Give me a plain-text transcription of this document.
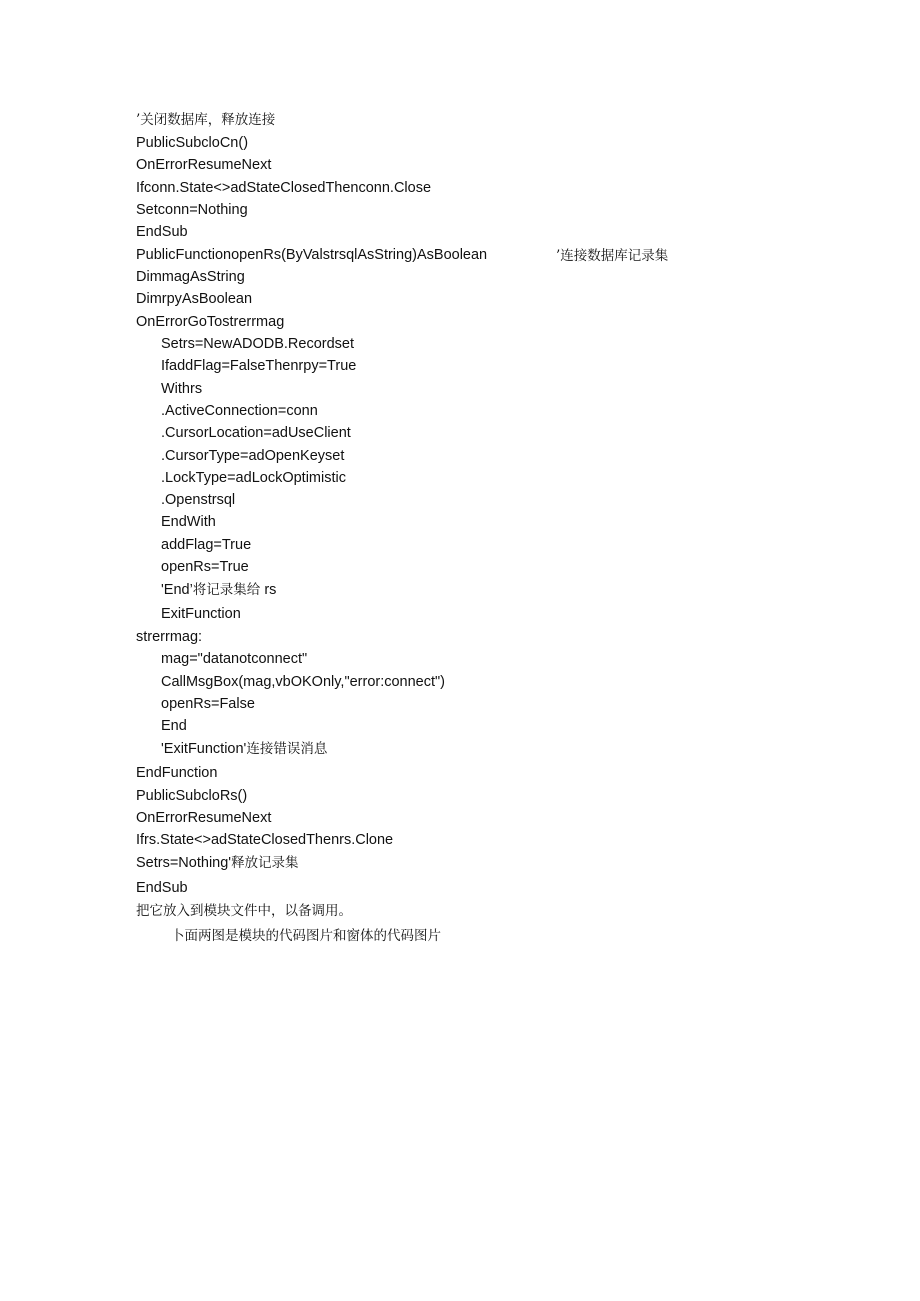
’关闭数据库，释放连接
PublicSubcloCn()
OnErrorResumeNext
Ifconn.State<>adStateClosedThenconn.Close
Setconn=Nothing
EndSub
PublicFunctionopenRs(ByValstrsqlAsString)AsBoolean	’连接数据库记录集
DimmagAsString
DimrpyAsBoolean
OnErrorGoTostrerrmag
Setrs=NewADODB.Recordset
IfaddFlag=FalseThenrpy=True
Withrs
.ActiveConnection=conn
.CursorLocation=adUseClient
.CursorType=adOpenKeyset
.LockType=adLockOptimistic
.Openstrsql
EndWith
addFlag=True
openRs=True
'End’将记录集给 rs
ExitFunction
strerrmag:
mag="datanotconnect"
CallMsgBox(mag,vbOKOnly,"error:connect")
openRs=False
End
'ExitFunction'连接错误消息
EndFunction
PublicSubcloRs()
OnErrorResumeNext
Ifrs.State<>adStateClosedThenrs.Clone
Setrs=Nothing'释放记录集
EndSub
把它放入到模块文件中，以备调用。
卜面两图是模块的代码图片和窗体的代码图片
